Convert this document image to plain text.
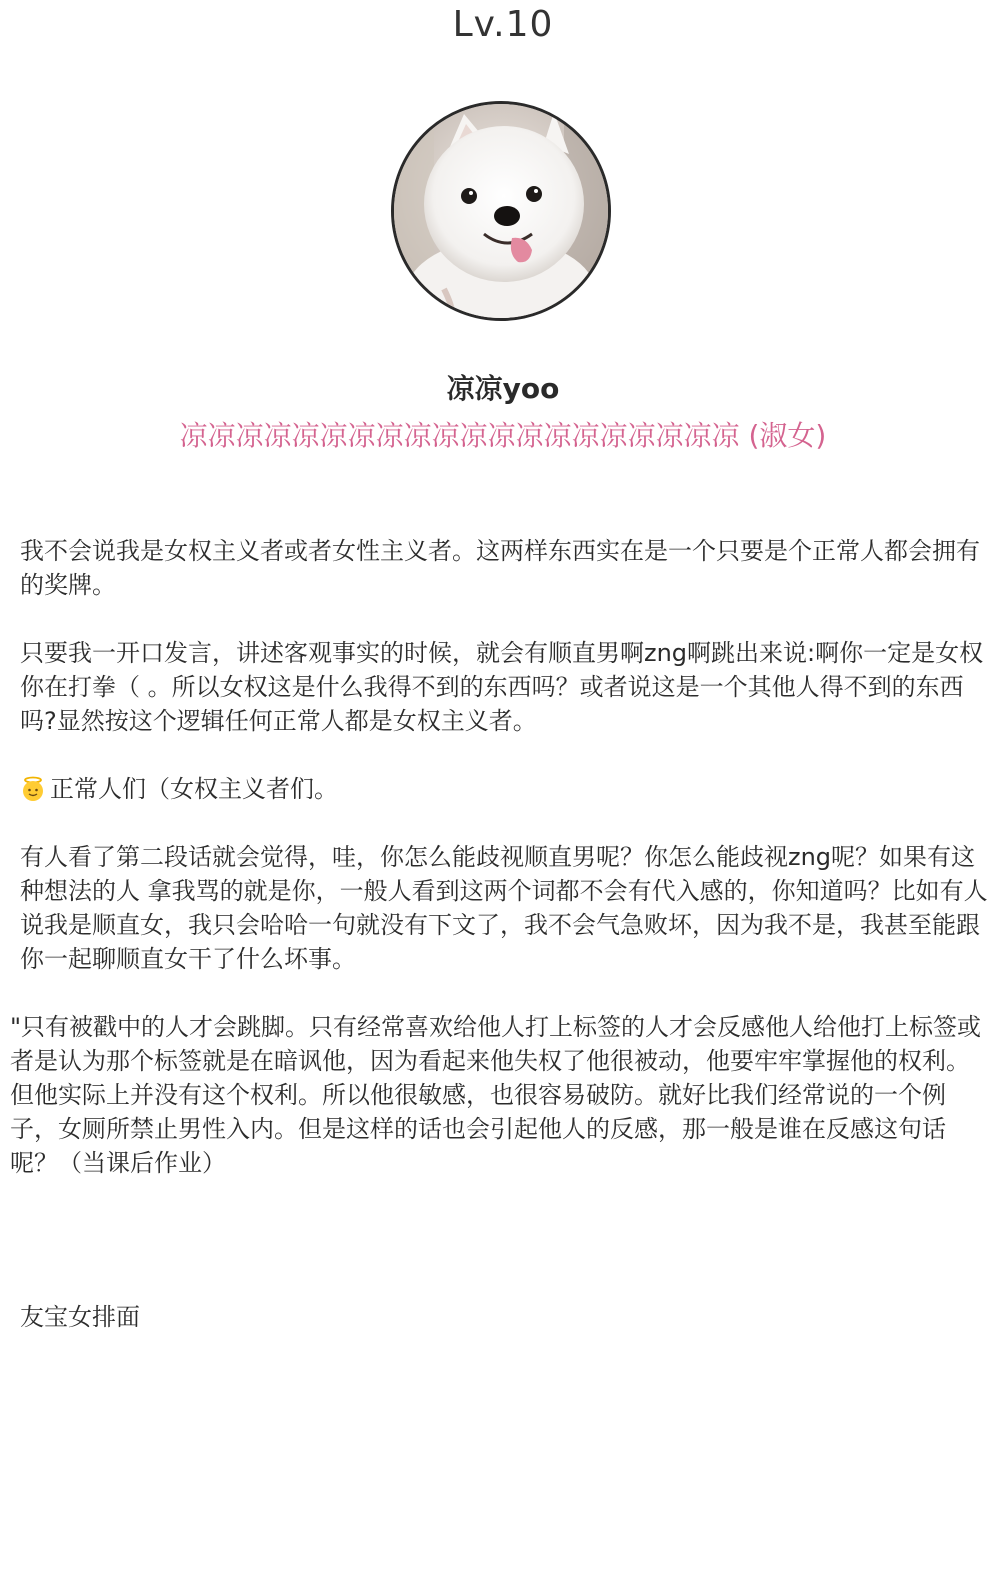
Lv.10
凉凉yoo
凉凉凉凉凉凉凉凉凉凉凉凉凉凉凉凉凉凉凉凉 (淑女)

我不会说我是女权主义者或者女性主义者。这两样东西实在是一个只要是个正常人都会拥有的奖牌。

只要我一开口发言，讲述客观事实的时候，就会有顺直男啊zng啊跳出来说:啊你一定是女权你在打拳（ 。所以女权这是什么我得不到的东西吗？或者说这是一个其他人得不到的东西吗?显然按这个逻辑任何正常人都是女权主义者。

正常人们（女权主义者们。

有人看了第二段话就会觉得，哇，你怎么能歧视顺直男呢？你怎么能歧视zng呢？如果有这种想法的人 拿我骂的就是你，一般人看到这两个词都不会有代入感的，你知道吗？比如有人说我是顺直女，我只会哈哈一句就没有下文了，我不会气急败坏，因为我不是，我甚至能跟你一起聊顺直女干了什么坏事。

"只有被戳中的人才会跳脚。只有经常喜欢给他人打上标签的人才会反感他人给他打上标签或者是认为那个标签就是在暗讽他，因为看起来他失权了他很被动，他要牢牢掌握他的权利。但他实际上并没有这个权利。所以他很敏感，也很容易破防。就好比我们经常说的一个例子，女厕所禁止男性入内。但是这样的话也会引起他人的反感，那一般是谁在反感这句话呢？（当课后作业）

友宝女排面
